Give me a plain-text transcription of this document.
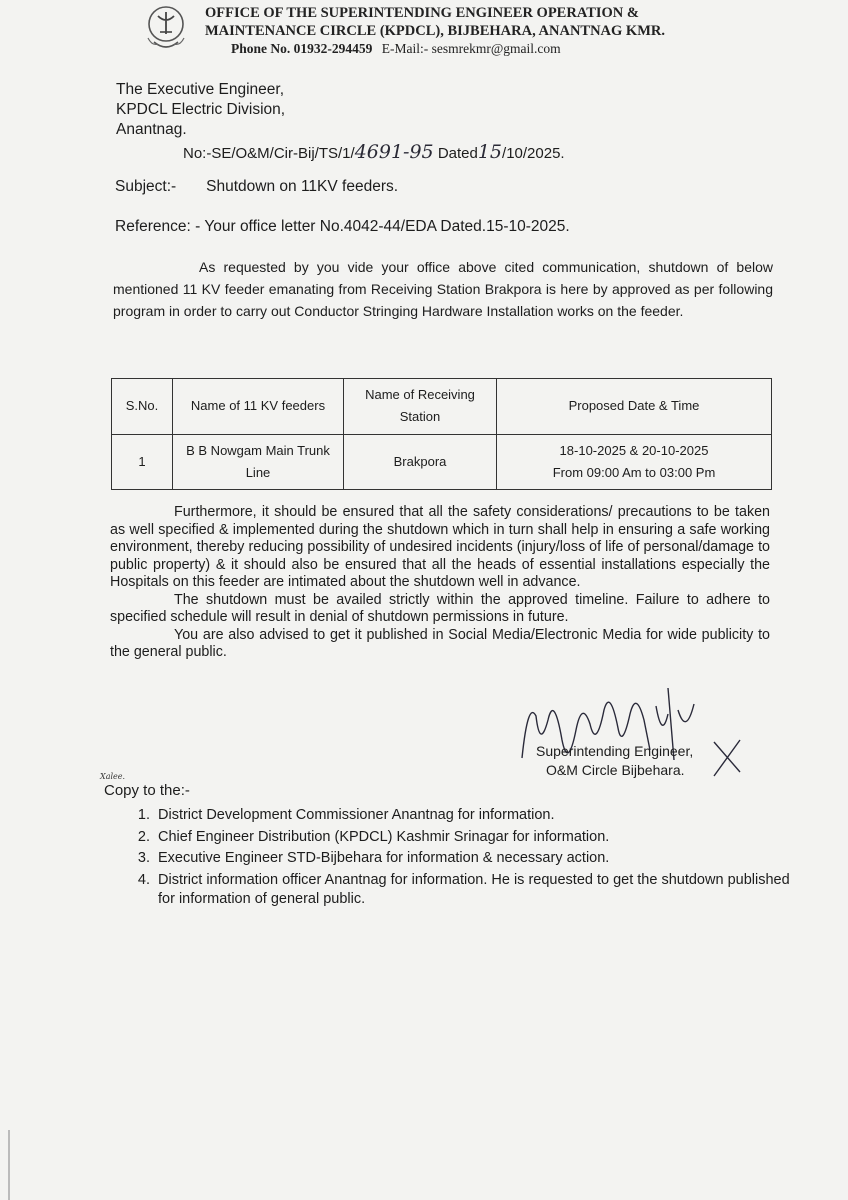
OFFICE OF THE SUPERINTENDING ENGINEER OPERATION &
MAINTENANCE CIRCLE (KPDCL), BIJBEHARA, ANANTNAG KMR.
Phone No. 01932-294459 E-Mail:- sesmrekmr@gmail.com
The Executive Engineer,
KPDCL Electric Division,
Anantnag.
No:-SE/O&M/Cir-Bij/TS/1/4691-95 Dated15/10/2025.
Subject:- Shutdown on 11KV feeders.
Reference: - Your office letter No.4042-44/EDA Dated.15-10-2025.
As requested by you vide your office above cited communication, shutdown of below mentioned 11 KV feeder emanating from Receiving Station Brakpora is here by approved as per following program in order to carry out Conductor Stringing Hardware Installation works on the feeder.
S.No.	Name of 11 KV feeders	Name of Receiving Station	Proposed Date & Time
1	B B Nowgam Main Trunk Line	Brakpora	18-10-2025 & 20-10-2025
From 09:00 Am to 03:00 Pm

Furthermore, it should be ensured that all the safety considerations/ precautions to be taken as well specified & implemented during the shutdown which in turn shall help in ensuring a safe working environment, thereby reducing possibility of undesired incidents (injury/loss of life of personal/damage to public property) & it should also be ensured that all the heads of essential installations especially the Hospitals on this feeder are intimated about the shutdown well in advance.

The shutdown must be availed strictly within the approved timeline. Failure to adhere to specified schedule will result in denial of shutdown permissions in future.

You are also advised to get it published in Social Media/Electronic Media for wide publicity to the general public.

Superintending Engineer,
O&M Circle Bijbehara.
Xalee.
Copy to the:-
1. District Development Commissioner Anantnag for information.
2. Chief Engineer Distribution (KPDCL) Kashmir Srinagar for information.
3. Executive Engineer STD-Bijbehara for information & necessary action.
4. District information officer Anantnag for information. He is requested to get the shutdown published for information of general public.
